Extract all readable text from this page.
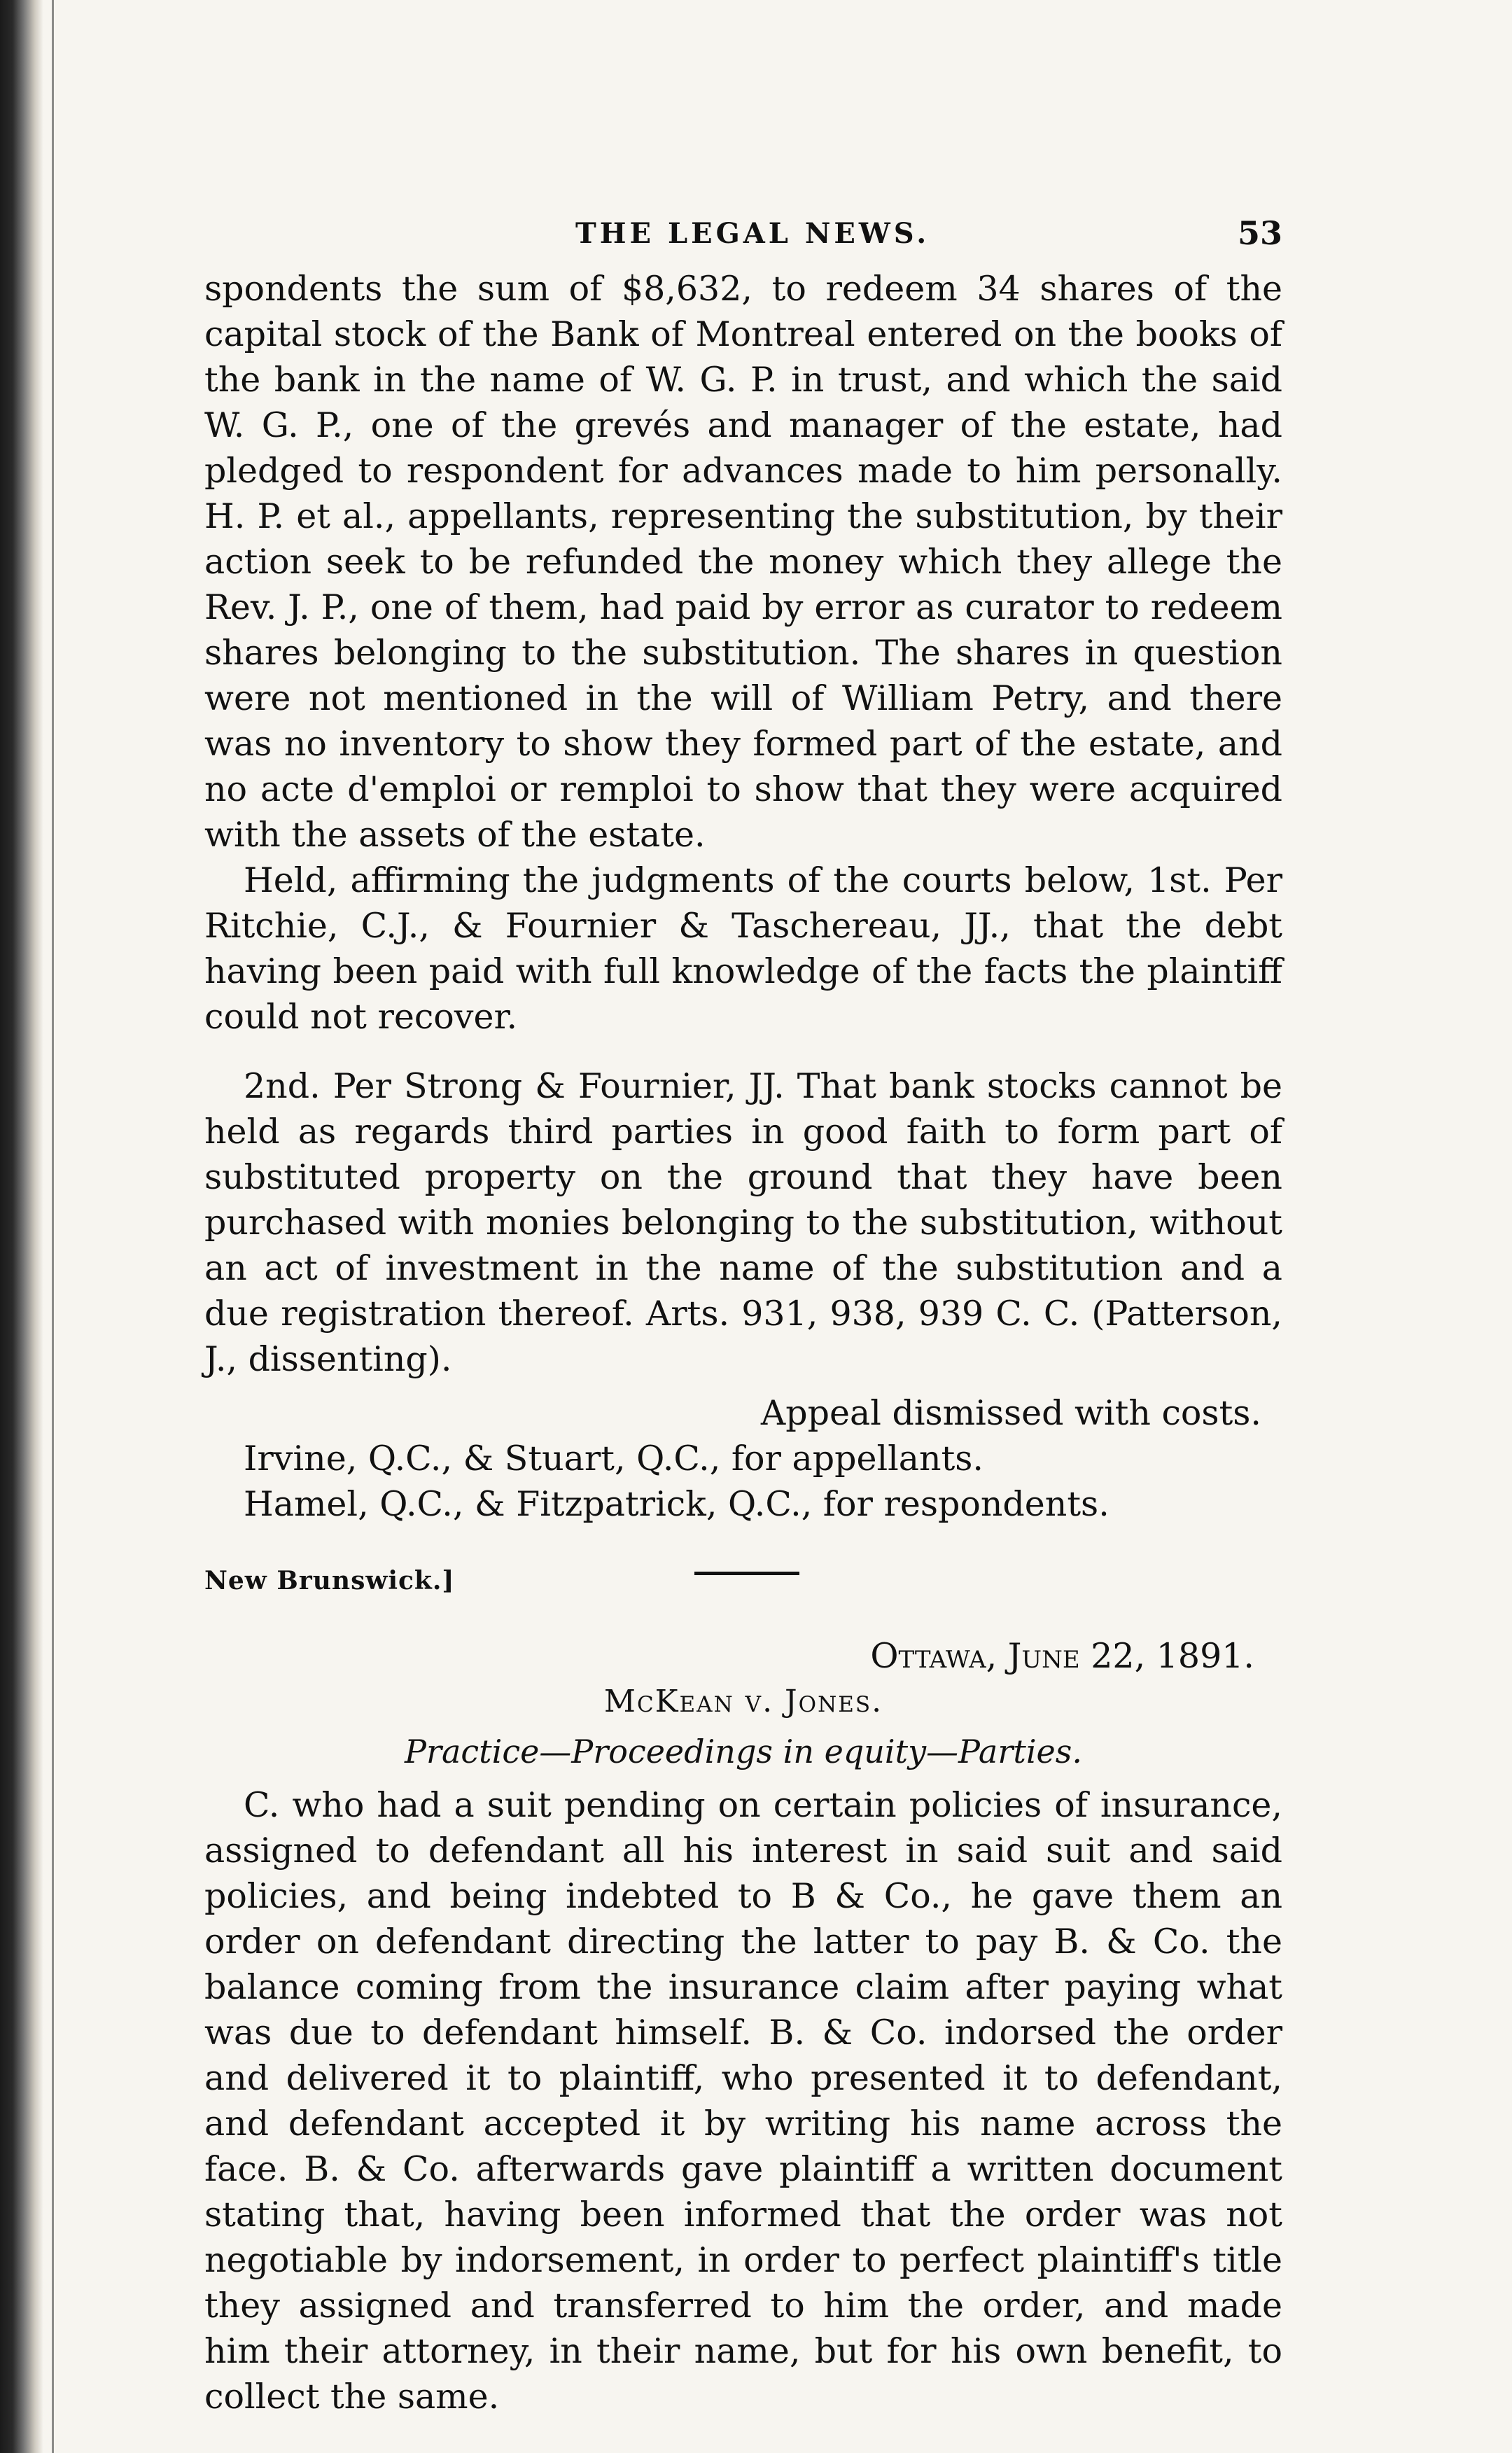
THE LEGAL NEWS.	53

spondents the sum of $8,632, to redeem 34 shares of the capital stock of the Bank of Montreal entered on the books of the bank in the name of W. G. P. in trust, and which the said W. G. P., one of the grevés and manager of the estate, had pledged to respondent for advances made to him personally. H. P. et al., appellants, representing the substitution, by their action seek to be refunded the money which they allege the Rev. J. P., one of them, had paid by error as curator to redeem shares belonging to the substitution. The shares in question were not mentioned in the will of William Petry, and there was no inventory to show they formed part of the estate, and no acte d'emploi or remploi to show that they were acquired with the assets of the estate.

Held, affirming the judgments of the courts below, 1st. Per Ritchie, C.J., & Fournier & Taschereau, JJ., that the debt having been paid with full knowledge of the facts the plaintiff could not recover.

2nd. Per Strong & Fournier, JJ. That bank stocks cannot be held as regards third parties in good faith to form part of substituted property on the ground that they have been purchased with monies belonging to the substitution, without an act of investment in the name of the substitution and a due registration thereof. Arts. 931, 938, 939 C. C. (Patterson, J., dissenting).

Appeal dismissed with costs.

Irvine, Q.C., & Stuart, Q.C., for appellants.

Hamel, Q.C., & Fitzpatrick, Q.C., for respondents.

New Brunswick.]

Ottawa, June 22, 1891.

McKean v. Jones.

Practice—Proceedings in equity—Parties.

C. who had a suit pending on certain policies of insurance, assigned to defendant all his interest in said suit and said policies, and being indebted to B & Co., he gave them an order on defendant directing the latter to pay B. & Co. the balance coming from the insurance claim after paying what was due to defendant himself. B. & Co. indorsed the order and delivered it to plaintiff, who presented it to defendant, and defendant accepted it by writing his name across the face. B. & Co. afterwards gave plaintiff a written document stating that, having been informed that the order was not negotiable by indorsement, in order to perfect plaintiff's title they assigned and transferred to him the order, and made him their attorney, in their name, but for his own benefit, to collect the same.
